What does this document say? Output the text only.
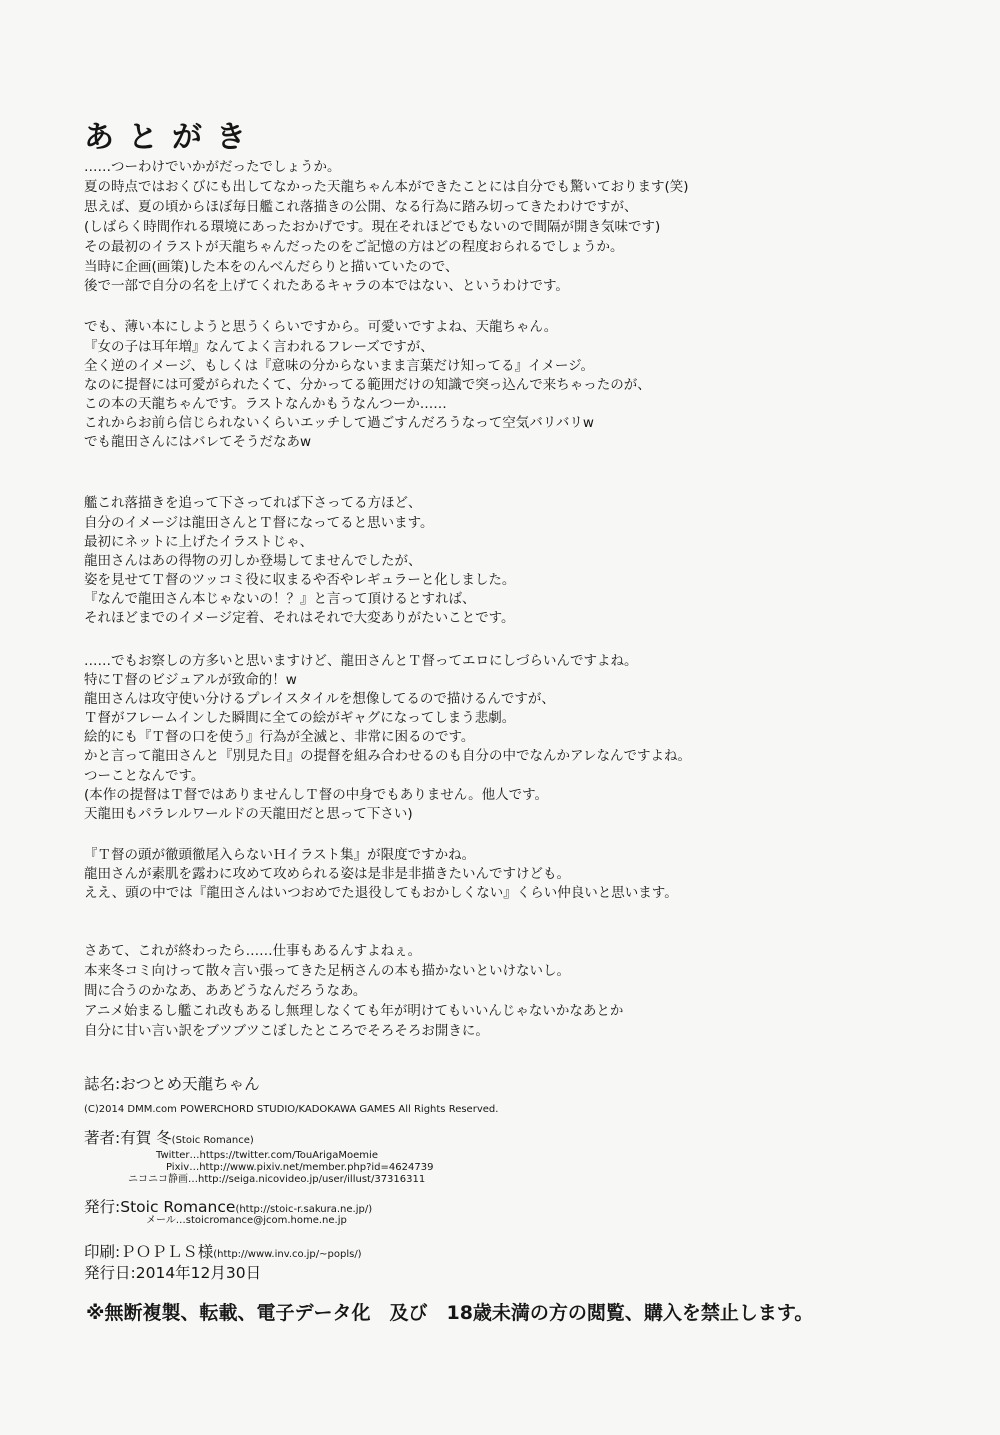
あとがき

……つーわけでいかがだったでしょうか。

夏の時点ではおくびにも出してなかった天龍ちゃん本ができたことには自分でも驚いております(笑)

思えば、夏の頃からほぼ毎日艦これ落描きの公開、なる行為に踏み切ってきたわけですが、

(しばらく時間作れる環境にあったおかげです。現在それほどでもないので間隔が開き気味です)

その最初のイラストが天龍ちゃんだったのをご記憶の方はどの程度おられるでしょうか。

当時に企画(画策)した本をのんべんだらりと描いていたので、

後で一部で自分の名を上げてくれたあるキャラの本ではない、というわけです。

でも、薄い本にしようと思うくらいですから。可愛いですよね、天龍ちゃん。

『女の子は耳年増』なんてよく言われるフレーズですが、

全く逆のイメージ、もしくは『意味の分からないまま言葉だけ知ってる』イメージ。

なのに提督には可愛がられたくて、分かってる範囲だけの知識で突っ込んで来ちゃったのが、

この本の天龍ちゃんです。ラストなんかもうなんつーか……

これからお前ら信じられないくらいエッチして過ごすんだろうなって空気バリバリw

でも龍田さんにはバレてそうだなあw

艦これ落描きを追って下さってれば下さってる方ほど、

自分のイメージは龍田さんとＴ督になってると思います。

最初にネットに上げたイラストじゃ、

龍田さんはあの得物の刃しか登場してませんでしたが、

姿を見せてＴ督のツッコミ役に収まるや否やレギュラーと化しました。

『なんで龍田さん本じゃないの！？』と言って頂けるとすれば、

それほどまでのイメージ定着、それはそれで大変ありがたいことです。

……でもお察しの方多いと思いますけど、龍田さんとＴ督ってエロにしづらいんですよね。

特にＴ督のビジュアルが致命的！w

龍田さんは攻守使い分けるプレイスタイルを想像してるので描けるんですが、

Ｔ督がフレームインした瞬間に全ての絵がギャグになってしまう悲劇。

絵的にも『Ｔ督の口を使う』行為が全滅と、非常に困るのです。

かと言って龍田さんと『別見た目』の提督を組み合わせるのも自分の中でなんかアレなんですよね。

つーことなんです。

(本作の提督はＴ督ではありませんしＴ督の中身でもありません。他人です。

天龍田もパラレルワールドの天龍田だと思って下さい)

『Ｔ督の頭が徹頭徹尾入らないＨイラスト集』が限度ですかね。

龍田さんが素肌を露わに攻めて攻められる姿は是非是非描きたいんですけども。

ええ、頭の中では『龍田さんはいつおめでた退役してもおかしくない』くらい仲良いと思います。

さあて、これが終わったら……仕事もあるんすよねぇ。

本来冬コミ向けって散々言い張ってきた足柄さんの本も描かないといけないし。

間に合うのかなあ、ああどうなんだろうなあ。

アニメ始まるし艦これ改もあるし無理しなくても年が明けてもいいんじゃないかなあとか

自分に甘い言い訳をブツブツこぼしたところでそろそろお開きに。

誌名:おつとめ天龍ちゃん
(C)2014 DMM.com POWERCHORD STUDIO/KADOKAWA GAMES All Rights Reserved.
著者:有賀 冬(Stoic Romance)
Twitter…https://twitter.com/TouArigaMoemie
Pixiv…http://www.pixiv.net/member.php?id=4624739
ニコニコ静画…http://seiga.nicovideo.jp/user/illust/37316311
発行:Stoic Romance(http://stoic-r.sakura.ne.jp/)
メール…stoicromance@jcom.home.ne.jp
印刷:ＰＯＰＬＳ様(http://www.inv.co.jp/~popls/)
発行日:2014年12月30日

※無断複製、転載、電子データ化　及び　18歳未満の方の閲覧、購入を禁止します。
